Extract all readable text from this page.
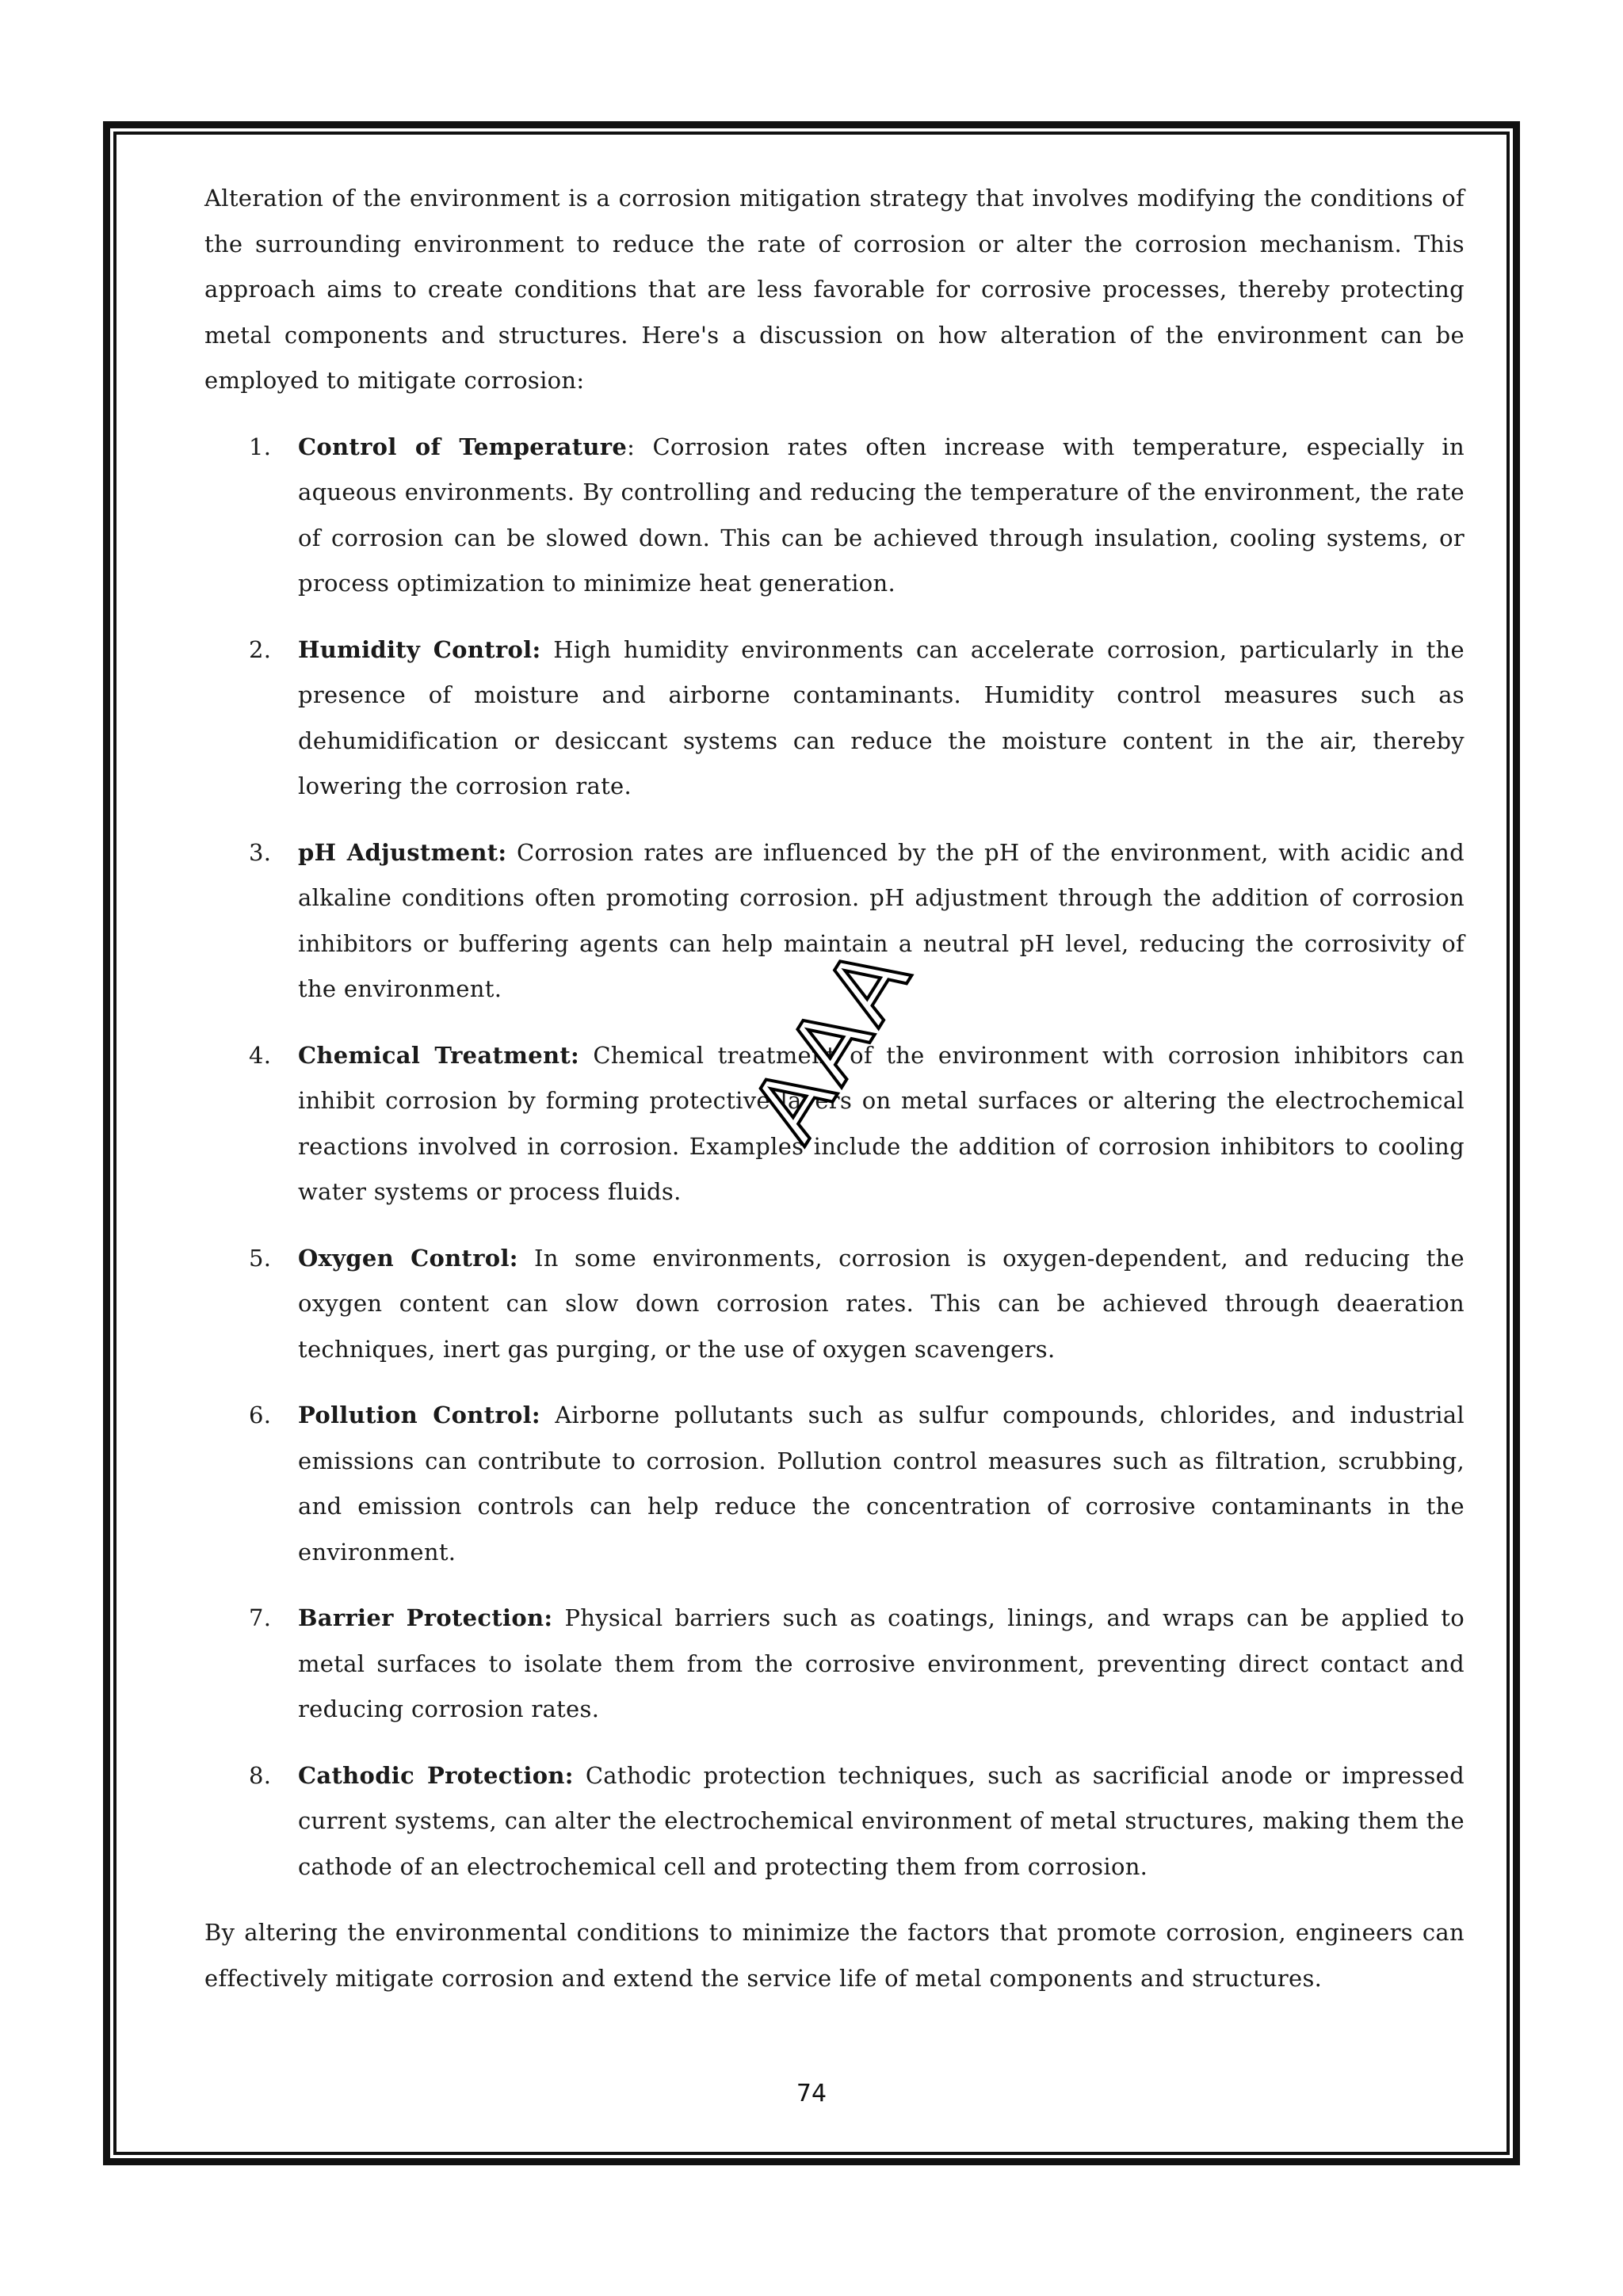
Alteration of the environment is a corrosion mitigation strategy that involves modifying the conditions of the surrounding environment to reduce the rate of corrosion or alter the corrosion mechanism. This approach aims to create conditions that are less favorable for corrosive processes, thereby protecting metal components and structures. Here's a discussion on how alteration of the environment can be employed to mitigate corrosion:

1. Control of Temperature: Corrosion rates often increase with temperature, especially in aqueous environments. By controlling and reducing the temperature of the environment, the rate of corrosion can be slowed down. This can be achieved through insulation, cooling systems, or process optimization to minimize heat generation.
2. Humidity Control: High humidity environments can accelerate corrosion, particularly in the presence of moisture and airborne contaminants. Humidity control measures such as dehumidification or desiccant systems can reduce the moisture content in the air, thereby lowering the corrosion rate.
3. pH Adjustment: Corrosion rates are influenced by the pH of the environment, with acidic and alkaline conditions often promoting corrosion. pH adjustment through the addition of corrosion inhibitors or buffering agents can help maintain a neutral pH level, reducing the corrosivity of the environment.
4. Chemical Treatment: Chemical treatment of the environment with corrosion inhibitors can inhibit corrosion by forming protective layers on metal surfaces or altering the electrochemical reactions involved in corrosion. Examples include the addition of corrosion inhibitors to cooling water systems or process fluids.
5. Oxygen Control: In some environments, corrosion is oxygen-dependent, and reducing the oxygen content can slow down corrosion rates. This can be achieved through deaeration techniques, inert gas purging, or the use of oxygen scavengers.
6. Pollution Control: Airborne pollutants such as sulfur compounds, chlorides, and industrial emissions can contribute to corrosion. Pollution control measures such as filtration, scrubbing, and emission controls can help reduce the concentration of corrosive contaminants in the environment.
7. Barrier Protection: Physical barriers such as coatings, linings, and wraps can be applied to metal surfaces to isolate them from the corrosive environment, preventing direct contact and reducing corrosion rates.
8. Cathodic Protection: Cathodic protection techniques, such as sacrificial anode or impressed current systems, can alter the electrochemical environment of metal structures, making them the cathode of an electrochemical cell and protecting them from corrosion.

By altering the environmental conditions to minimize the factors that promote corrosion, engineers can effectively mitigate corrosion and extend the service life of metal components and structures.

AAA
74
